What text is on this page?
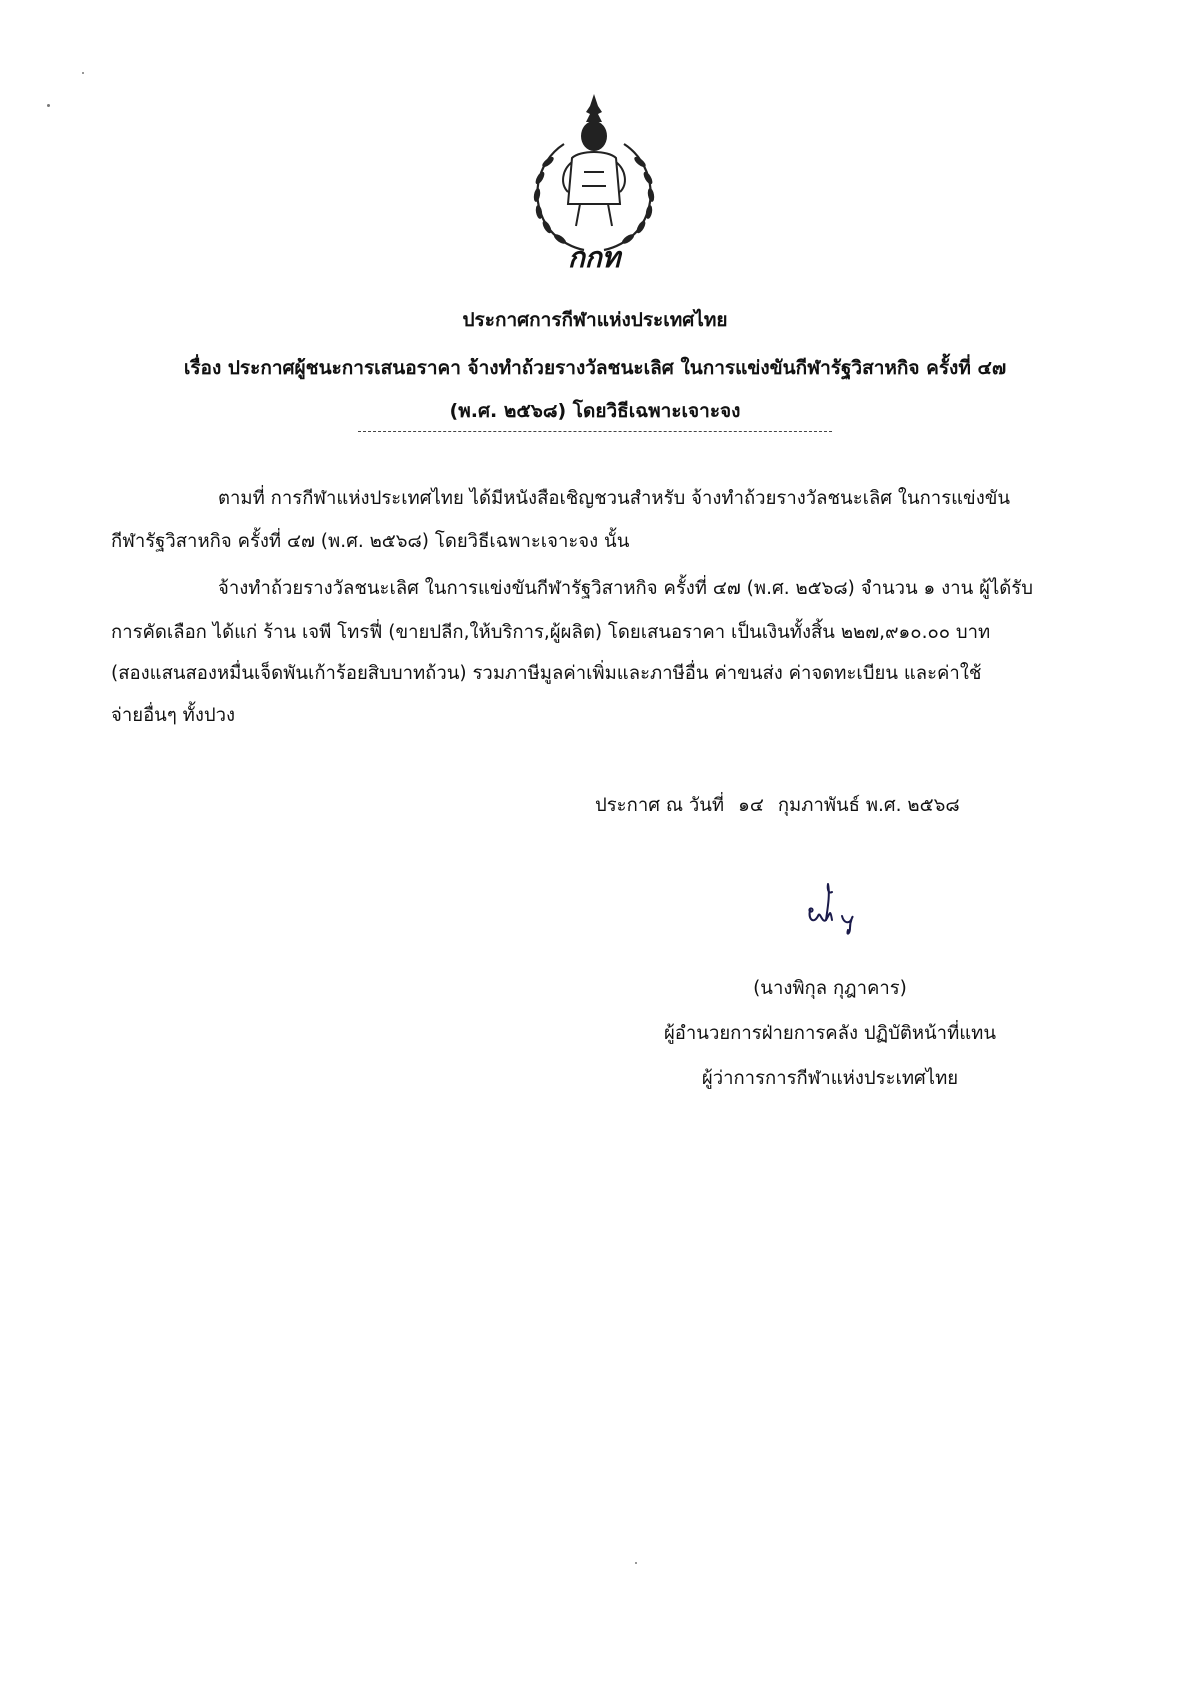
กกท
ประกาศการกีฬาแห่งประเทศไทย
เรื่อง ประกาศผู้ชนะการเสนอราคา จ้างทำถ้วยรางวัลชนะเลิศ ในการแข่งขันกีฬารัฐวิสาหกิจ ครั้งที่ ๔๗
(พ.ศ. ๒๕๖๘) โดยวิธีเฉพาะเจาะจง
ตามที่ การกีฬาแห่งประเทศไทย ได้มีหนังสือเชิญชวนสำหรับ จ้างทำถ้วยรางวัลชนะเลิศ ในการแข่งขัน
กีฬารัฐวิสาหกิจ ครั้งที่ ๔๗ (พ.ศ. ๒๕๖๘) โดยวิธีเฉพาะเจาะจง นั้น
จ้างทำถ้วยรางวัลชนะเลิศ ในการแข่งขันกีฬารัฐวิสาหกิจ ครั้งที่ ๔๗ (พ.ศ. ๒๕๖๘) จำนวน ๑ งาน ผู้ได้รับ
การคัดเลือก ได้แก่ ร้าน เจพี โทรฟี่ (ขายปลีก,ให้บริการ,ผู้ผลิต) โดยเสนอราคา เป็นเงินทั้งสิ้น ๒๒๗,๙๑๐.๐๐ บาท
(สองแสนสองหมื่นเจ็ดพันเก้าร้อยสิบบาทถ้วน) รวมภาษีมูลค่าเพิ่มและภาษีอื่น ค่าขนส่ง ค่าจดทะเบียน และค่าใช้
จ่ายอื่นๆ ทั้งปวง
ประกาศ ณ วันที่ ๑๔ กุมภาพันธ์ พ.ศ. ๒๕๖๘
(นางพิกุล กุฎาคาร)
ผู้อำนวยการฝ่ายการคลัง ปฏิบัติหน้าที่แทน
ผู้ว่าการการกีฬาแห่งประเทศไทย
